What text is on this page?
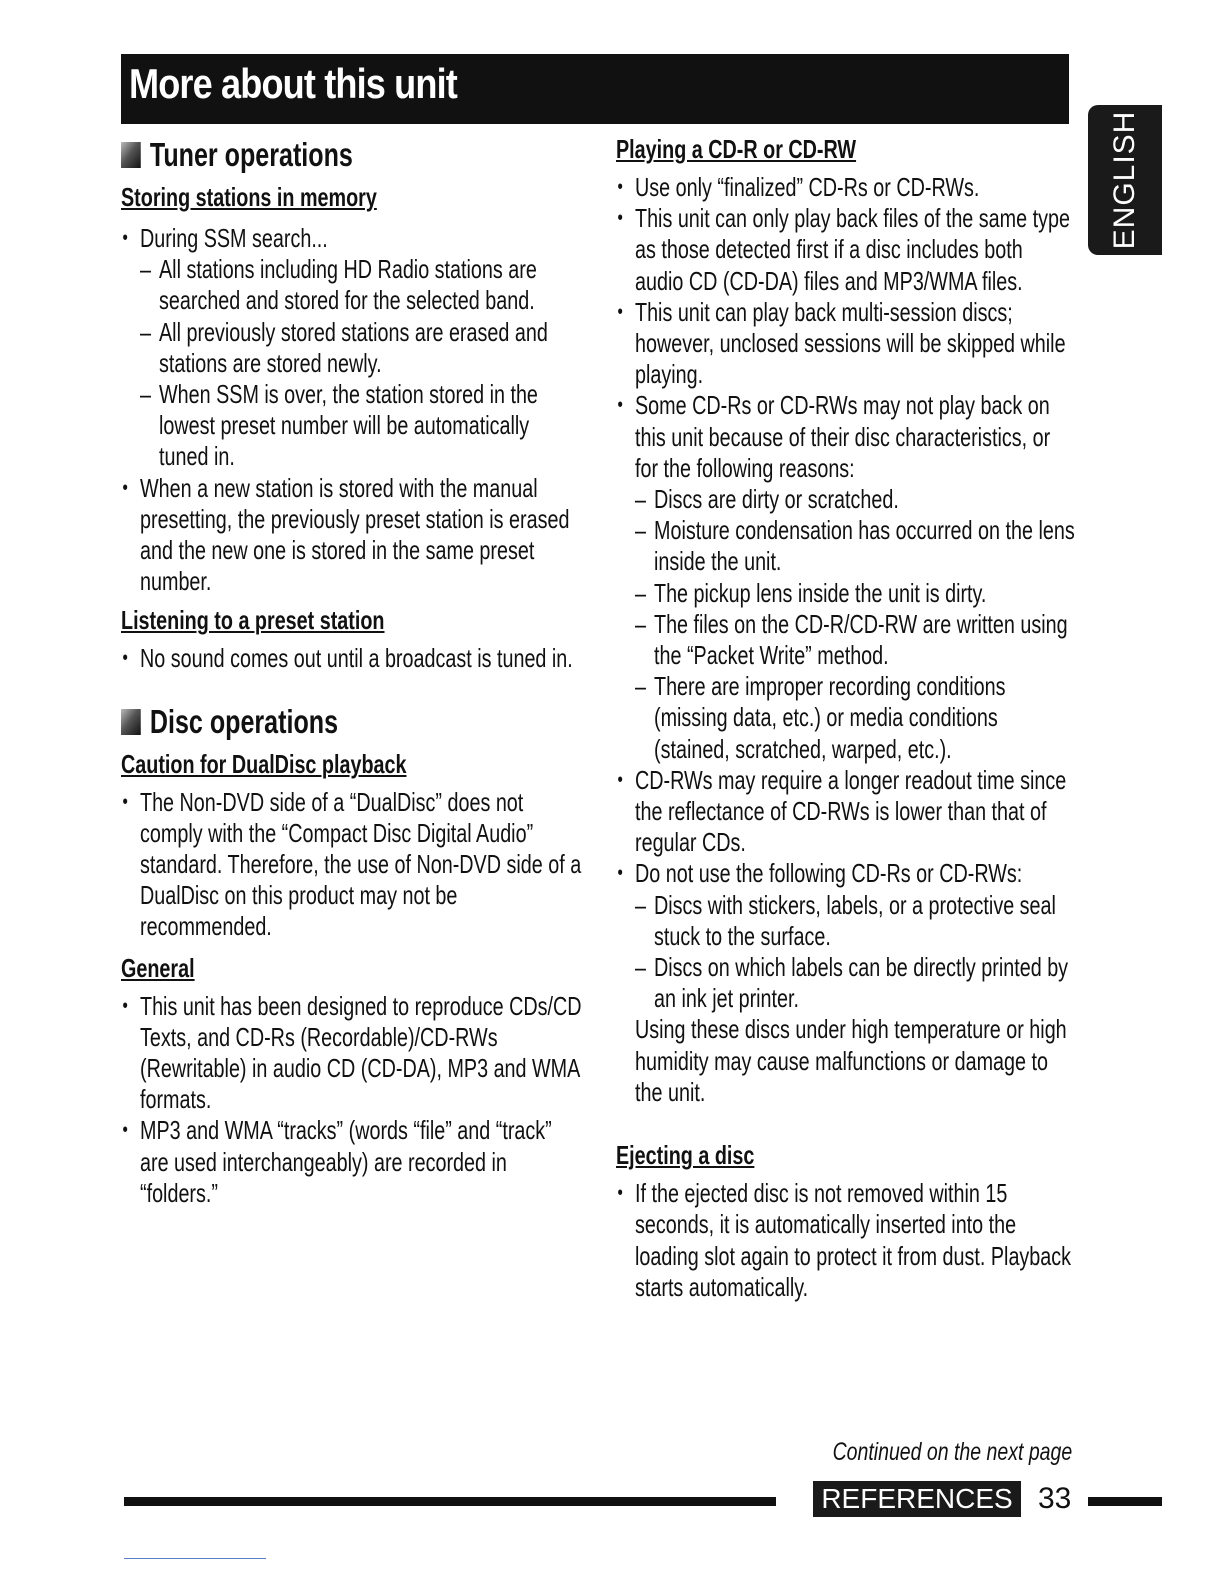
More about this unit
ENGLISH
Tuner operations
Storing stations in memory
• During SSM search...
– All stations including HD Radio stations are searched and stored for the selected band.
– All previously stored stations are erased and stations are stored newly.
– When SSM is over, the station stored in the lowest preset number will be automatically tuned in.
• When a new station is stored with the manual presetting, the previously preset station is erased and the new one is stored in the same preset number.
Listening to a preset station
• No sound comes out until a broadcast is tuned in.
Disc operations
Caution for DualDisc playback
• The Non-DVD side of a “DualDisc” does not comply with the “Compact Disc Digital Audio” standard. Therefore, the use of Non-DVD side of a DualDisc on this product may not be recommended.
General
• This unit has been designed to reproduce CDs/CD Texts, and CD-Rs (Recordable)/CD-RWs (Rewritable) in audio CD (CD-DA), MP3 and WMA formats.
• MP3 and WMA “tracks” (words “file” and “track” are used interchangeably) are recorded in “folders.”
Playing a CD-R or CD-RW
• Use only “finalized” CD-Rs or CD-RWs.
• This unit can only play back files of the same type as those detected first if a disc includes both audio CD (CD-DA) files and MP3/WMA files.
• This unit can play back multi-session discs; however, unclosed sessions will be skipped while playing.
• Some CD-Rs or CD-RWs may not play back on this unit because of their disc characteristics, or for the following reasons:
– Discs are dirty or scratched.
– Moisture condensation has occurred on the lens inside the unit.
– The pickup lens inside the unit is dirty.
– The files on the CD-R/CD-RW are written using the “Packet Write” method.
– There are improper recording conditions (missing data, etc.) or media conditions (stained, scratched, warped, etc.).
• CD-RWs may require a longer readout time since the reflectance of CD-RWs is lower than that of regular CDs.
• Do not use the following CD-Rs or CD-RWs:
– Discs with stickers, labels, or a protective seal stuck to the surface.
– Discs on which labels can be directly printed by an ink jet printer.
Using these discs under high temperature or high humidity may cause malfunctions or damage to the unit.
Ejecting a disc
• If the ejected disc is not removed within 15 seconds, it is automatically inserted into the loading slot again to protect it from dust. Playback starts automatically.
Continued on the next page
REFERENCES 33
